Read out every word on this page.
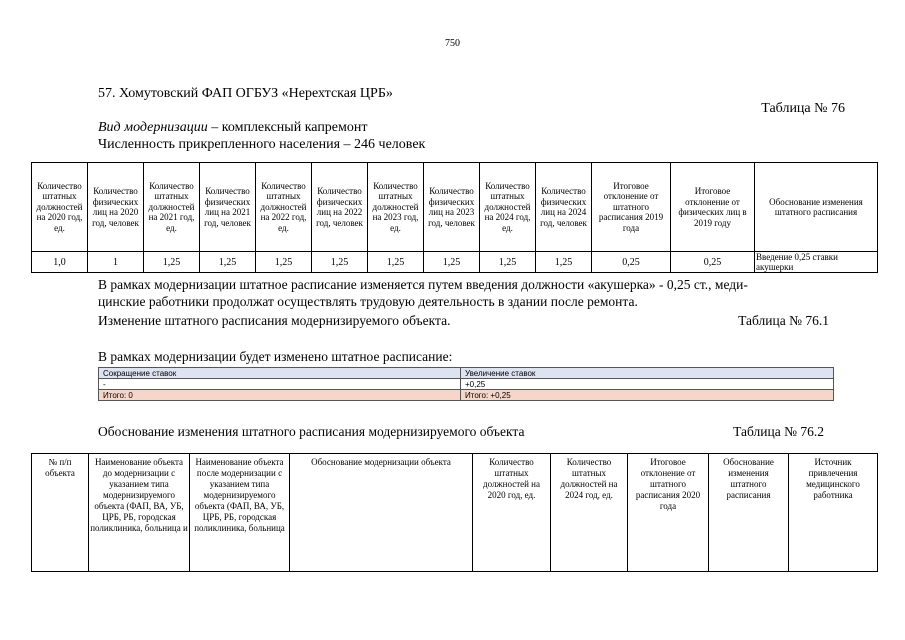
750
57. Хомутовский ФАП ОГБУЗ «Нерехтская ЦРБ»
Таблица № 76
Вид модернизации – комплексный капремонт
Численность прикрепленного населения – 246 человек
Количество штатных должностей на 2020 год, ед.	Количество физических лиц на 2020 год, человек	Количество штатных должностей на 2021 год, ед.	Количество физических лиц на 2021 год, человек	Количество штатных должностей на 2022 год, ед.	Количество физических лиц на 2022 год, человек	Количество штатных должностей на 2023 год, ед.	Количество физических лиц на 2023 год, человек	Количество штатных должностей на 2024 год, ед.	Количество физических лиц на 2024 год, человек	Итоговое отклонение от штатного расписания 2019 года	Итоговое отклонение от физических лиц в 2019 году	Обоснование изменения штатного расписания
1,0	1	1,25	1,25	1,25	1,25	1,25	1,25	1,25	1,25	0,25	0,25	Введение 0,25 ставки акушерки
В рамках модернизации штатное расписание изменяется путем введения должности «акушерка» - 0,25 ст., меди-
цинские работники продолжат осуществлять трудовую деятельность в здании после ремонта.
Изменение штатного расписания модернизируемого объекта.	Таблица № 76.1
В рамках модернизации будет изменено штатное расписание:
Сокращение ставок	Увеличение ставок
-	+0,25
Итого: 0	Итого: +0,25
Обоснование изменения штатного расписания модернизируемого объекта	Таблица № 76.2
№ п/п объекта	Наименование объекта до модернизации с указанием типа модернизируемого объекта (ФАП, ВА, УБ, ЦРБ, РБ, городская поликлиника, больница и	Наименование объекта после модернизации с указанием типа модернизируемого объекта (ФАП, ВА, УБ, ЦРБ, РБ, городская поликлиника, больница	Обоснование модернизации объекта	Количество штатных должностей на 2020 год, ед.	Количество штатных должностей на 2024 год, ед.	Итоговое отклонение от штатного расписания 2020 года	Обоснование изменения штатного расписания	Источник привлечения медицинского работника
